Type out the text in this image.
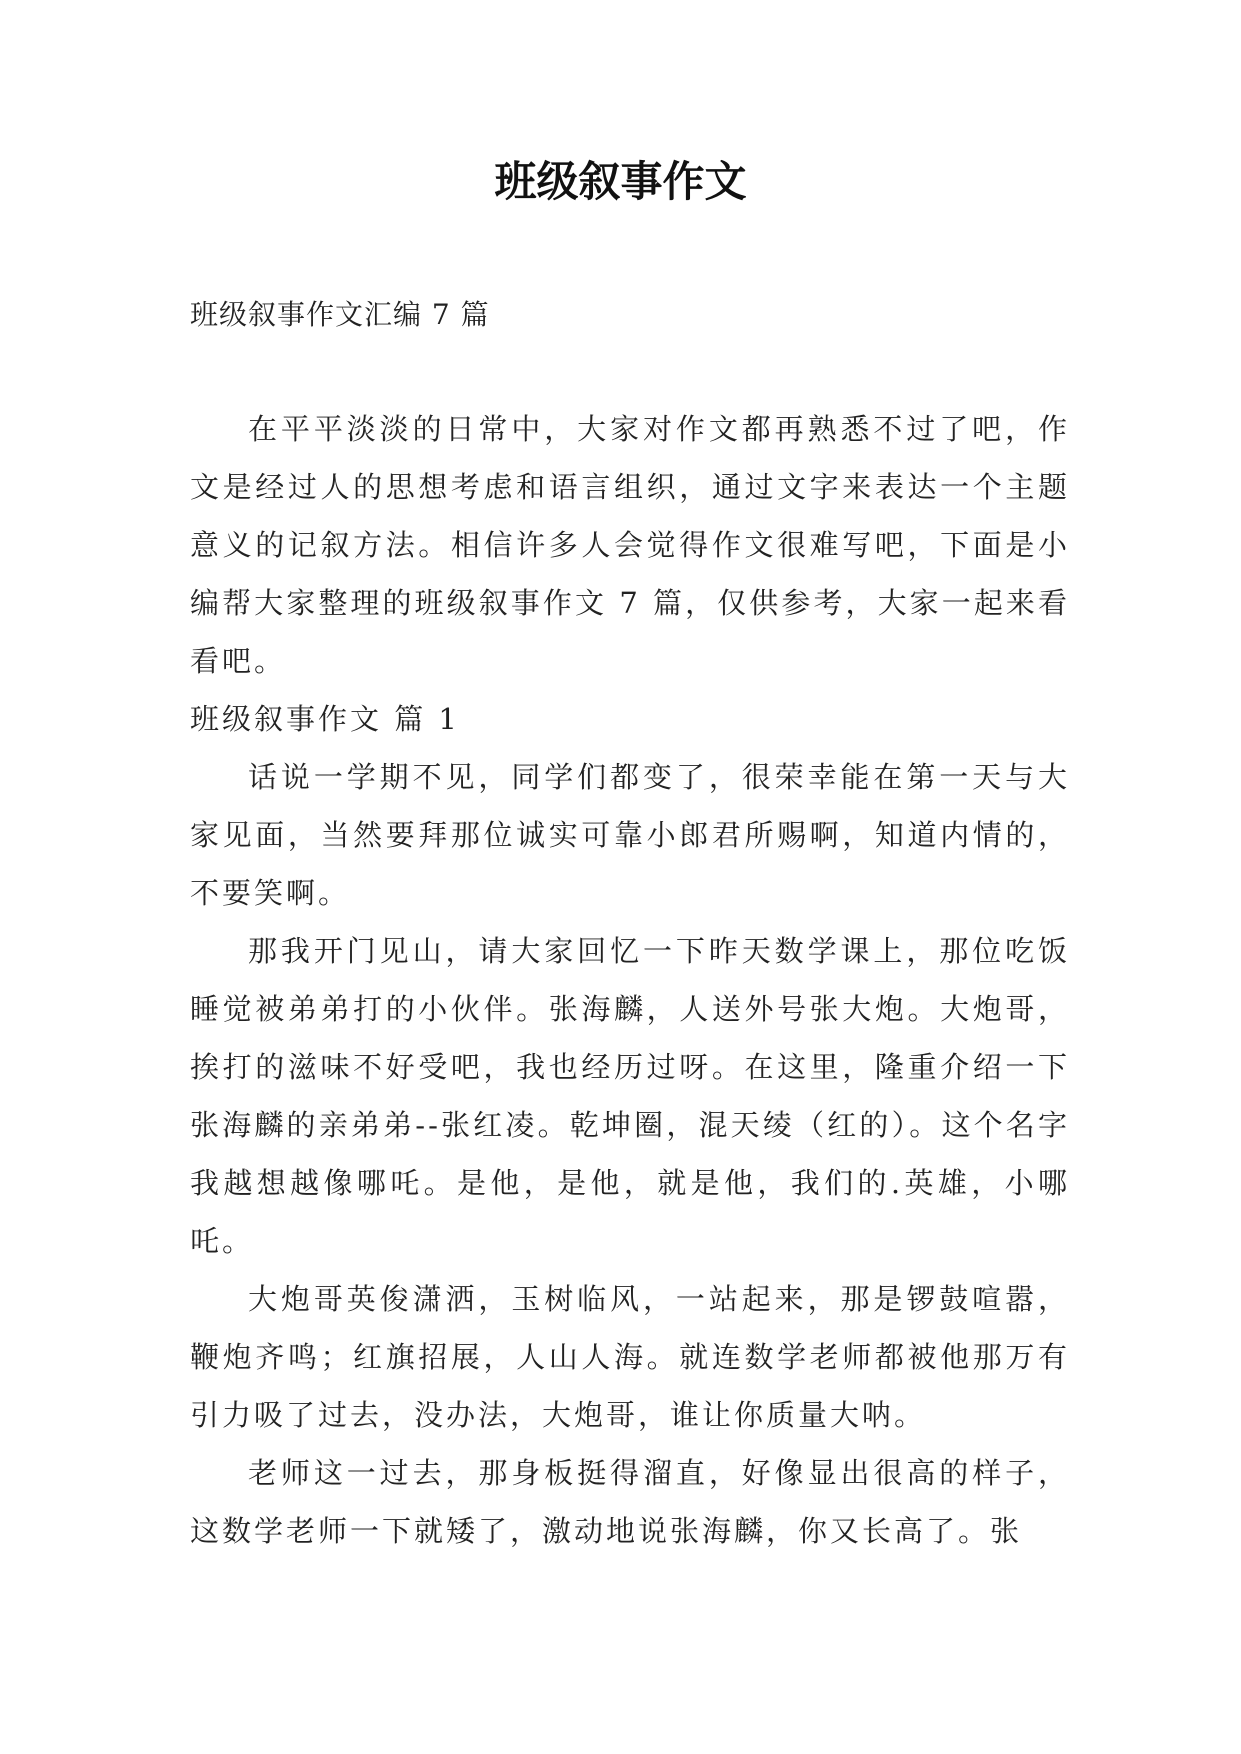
班级叙事作文
班级叙事作文汇编 7 篇

在平平淡淡的日常中，大家对作文都再熟悉不过了吧，作文是经过人的思想考虑和语言组织，通过文字来表达一个主题意义的记叙方法。相信许多人会觉得作文很难写吧，下面是小编帮大家整理的班级叙事作文 7 篇，仅供参考，大家一起来看看吧。

班级叙事作文 篇 1

话说一学期不见，同学们都变了，很荣幸能在第一天与大家见面，当然要拜那位诚实可靠小郎君所赐啊，知道内情的，不要笑啊。

那我开门见山，请大家回忆一下昨天数学课上，那位吃饭睡觉被弟弟打的小伙伴。张海麟，人送外号张大炮。大炮哥，挨打的滋味不好受吧，我也经历过呀。在这里，隆重介绍一下张海麟的亲弟弟--张红凌。乾坤圈，混天绫（红的）。这个名字我越想越像哪吒。是他，是他，就是他，我们的.英雄，小哪吒。

大炮哥英俊潇洒，玉树临风，一站起来，那是锣鼓喧嚣，鞭炮齐鸣；红旗招展，人山人海。就连数学老师都被他那万有引力吸了过去，没办法，大炮哥，谁让你质量大呐。

老师这一过去，那身板挺得溜直，好像显出很高的样子，这数学老师一下就矮了，激动地说张海麟，你又长高了。张
